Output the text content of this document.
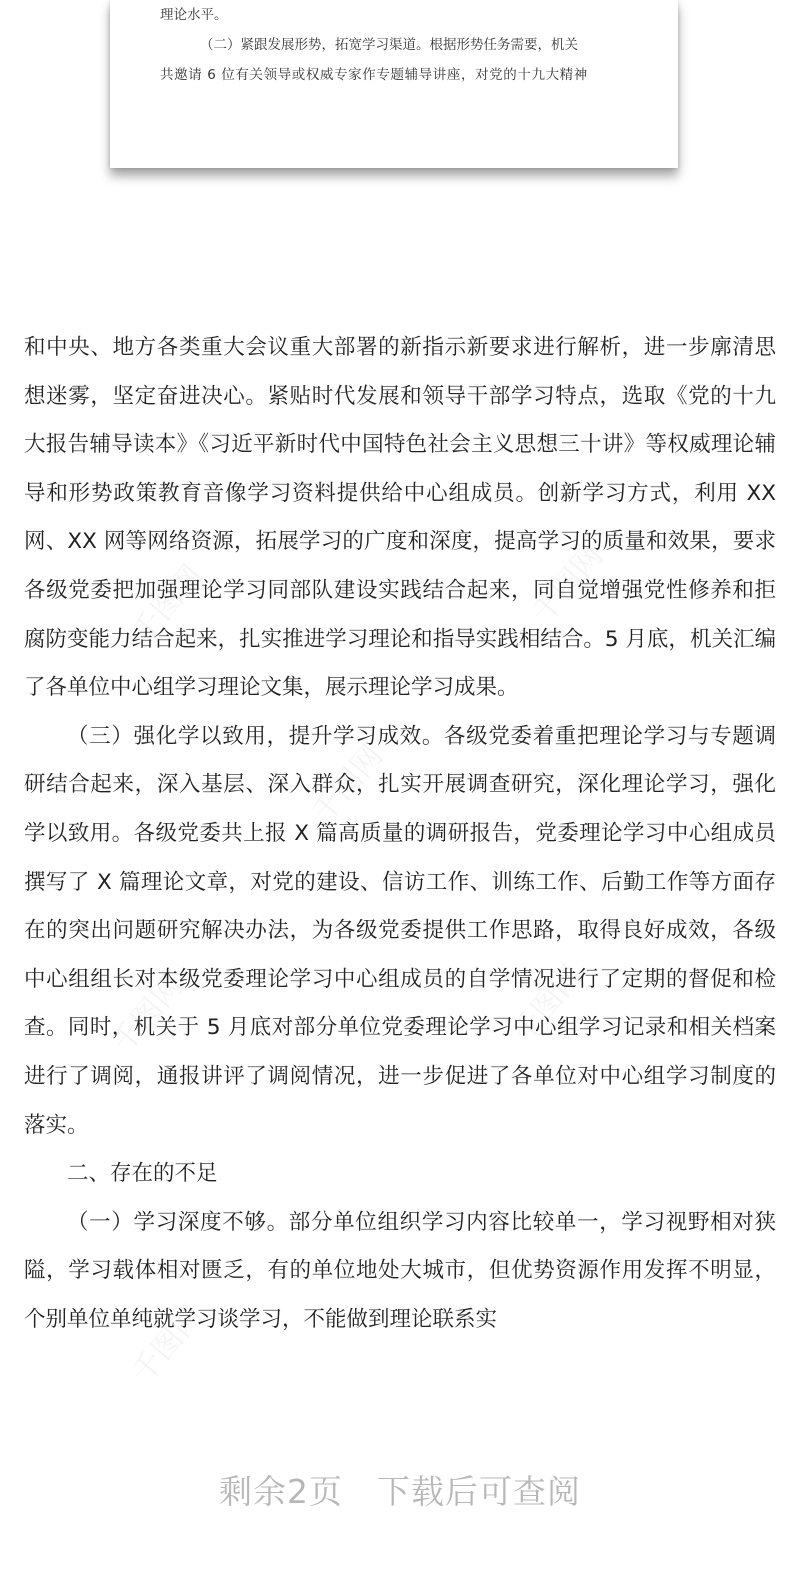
理论水平。
（二）紧跟发展形势，拓宽学习渠道。根据形势任务需要，机关
共邀请 6 位有关领导或权威专家作专题辅导讲座，对党的十九大精神
千图网	千图网
千图网
千图网	千图网
千图网

和中央、地方各类重大会议重大部署的新指示新要求进行解析，进一步廓清思想迷雾，坚定奋进决心。紧贴时代发展和领导干部学习特点，选取《党的十九大报告辅导读本》《习近平新时代中国特色社会主义思想三十讲》等权威理论辅导和形势政策教育音像学习资料提供给中心组成员。创新学习方式，利用 XX 网、XX 网等网络资源，拓展学习的广度和深度，提高学习的质量和效果，要求各级党委把加强理论学习同部队建设实践结合起来，同自觉增强党性修养和拒腐防变能力结合起来，扎实推进学习理论和指导实践相结合。5 月底，机关汇编了各单位中心组学习理论文集，展示理论学习成果。

（三）强化学以致用，提升学习成效。各级党委着重把理论学习与专题调研结合起来，深入基层、深入群众，扎实开展调查研究，深化理论学习，强化学以致用。各级党委共上报 X 篇高质量的调研报告，党委理论学习中心组成员撰写了 X 篇理论文章，对党的建设、信访工作、训练工作、后勤工作等方面存在的突出问题研究解决办法，为各级党委提供工作思路，取得良好成效，各级中心组组长对本级党委理论学习中心组成员的自学情况进行了定期的督促和检查。同时，机关于 5 月底对部分单位党委理论学习中心组学习记录和相关档案进行了调阅，通报讲评了调阅情况，进一步促进了各单位对中心组学习制度的落实。

二、存在的不足

（一）学习深度不够。部分单位组织学习内容比较单一，学习视野相对狭隘，学习载体相对匮乏，有的单位地处大城市，但优势资源作用发挥不明显，个别单位单纯就学习谈学习，不能做到理论联系实

剩余2页 下载后可查阅
